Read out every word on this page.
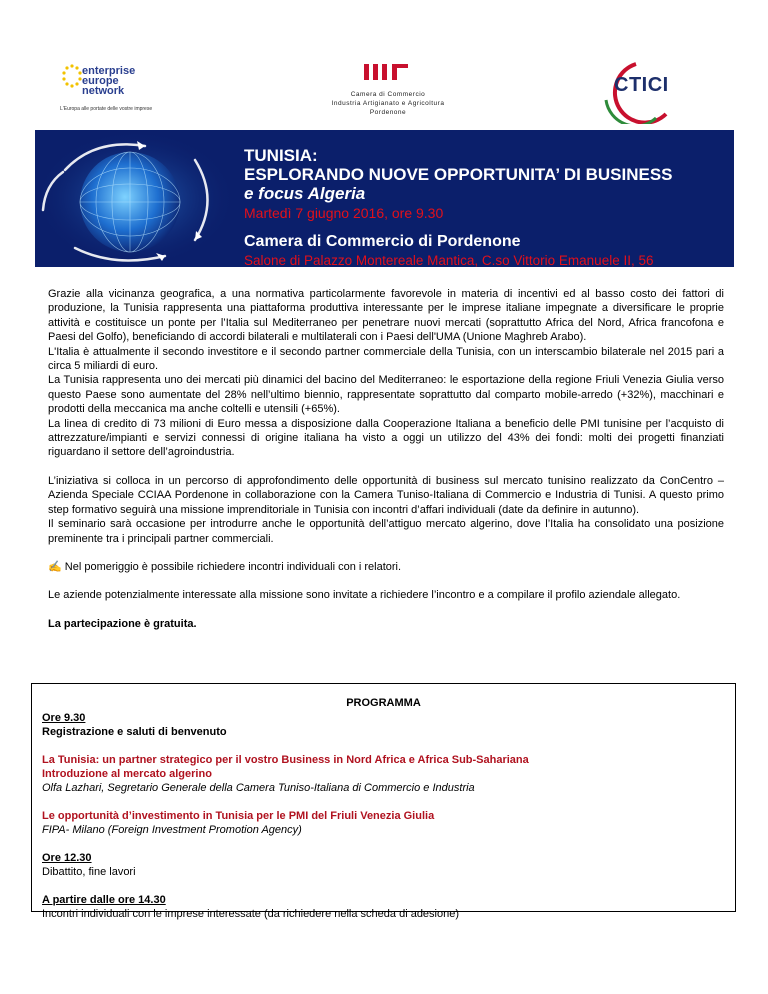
enterprise
europe
network
L'Europa alle portate delle vostre imprese
Camera di Commercio
Industria Artigianato e Agricoltura
Pordenone
CTICI
TUNISIA:
ESPLORANDO NUOVE OPPORTUNITA’ DI BUSINESS
e focus Algeria
Martedì 7 giugno 2016, ore 9.30
Camera di Commercio di Pordenone
Salone di Palazzo Montereale Mantica, C.so Vittorio Emanuele II, 56

Grazie alla vicinanza geografica, a una normativa particolarmente favorevole in materia di incentivi ed al basso costo dei fattori di produzione, la Tunisia rappresenta una piattaforma produttiva interessante per le imprese italiane impegnate a diversificare le proprie attività e costituisce un ponte per l’Italia sul Mediterraneo per penetrare nuovi mercati (soprattutto Africa del Nord, Africa francofona e Paesi del Golfo), beneficiando di accordi bilaterali e multilaterali con i Paesi dell'UMA (Unione Maghreb Arabo).

L'Italia è attualmente il secondo investitore e il secondo partner commerciale della Tunisia, con un interscambio bilaterale nel 2015 pari a circa 5 miliardi di euro.

La Tunisia rappresenta uno dei mercati più dinamici del bacino del Mediterraneo: le esportazione della regione Friuli Venezia Giulia verso questo Paese sono aumentate del 28% nell’ultimo biennio, rappresentate soprattutto dal comparto mobile-arredo (+32%), macchinari e prodotti della meccanica ma anche coltelli e utensili (+65%).

La linea di credito di 73 milioni di Euro messa a disposizione dalla Cooperazione Italiana a beneficio delle PMI tunisine per l’acquisto di attrezzature/impianti e servizi connessi di origine italiana ha visto a oggi un utilizzo del 43% dei fondi: molti dei progetti finanziati riguardano il settore dell’agroindustria.

L’iniziativa si colloca in un percorso di approfondimento delle opportunità di business sul mercato tunisino realizzato da ConCentro – Azienda Speciale CCIAA Pordenone in collaborazione con la Camera Tuniso-Italiana di Commercio e Industria di Tunisi. A questo primo step formativo seguirà una missione imprenditoriale in Tunisia con incontri d’affari individuali (date da definire in autunno).

Il seminario sarà occasione per introdurre anche le opportunità dell’attiguo mercato algerino, dove l’Italia ha consolidato una posizione preminente tra i principali partner commerciali.

✍ Nel pomeriggio è possibile richiedere incontri individuali con i relatori.

Le aziende potenzialmente interessate alla missione sono invitate a richiedere l’incontro e a compilare il profilo aziendale allegato.

La partecipazione è gratuita.

PROGRAMMA
Ore 9.30
Registrazione e saluti di benvenuto
La Tunisia: un partner strategico per il vostro Business in Nord Africa e Africa Sub-Sahariana
Introduzione al mercato algerino
Olfa Lazhari, Segretario Generale della Camera Tuniso-Italiana di Commercio e Industria
Le opportunità d’investimento in Tunisia per le PMI del Friuli Venezia Giulia
FIPA- Milano (Foreign Investment Promotion Agency)
Ore 12.30
Dibattito, fine lavori
A partire dalle ore 14.30
Incontri individuali con le imprese interessate (da richiedere nella scheda di adesione)
